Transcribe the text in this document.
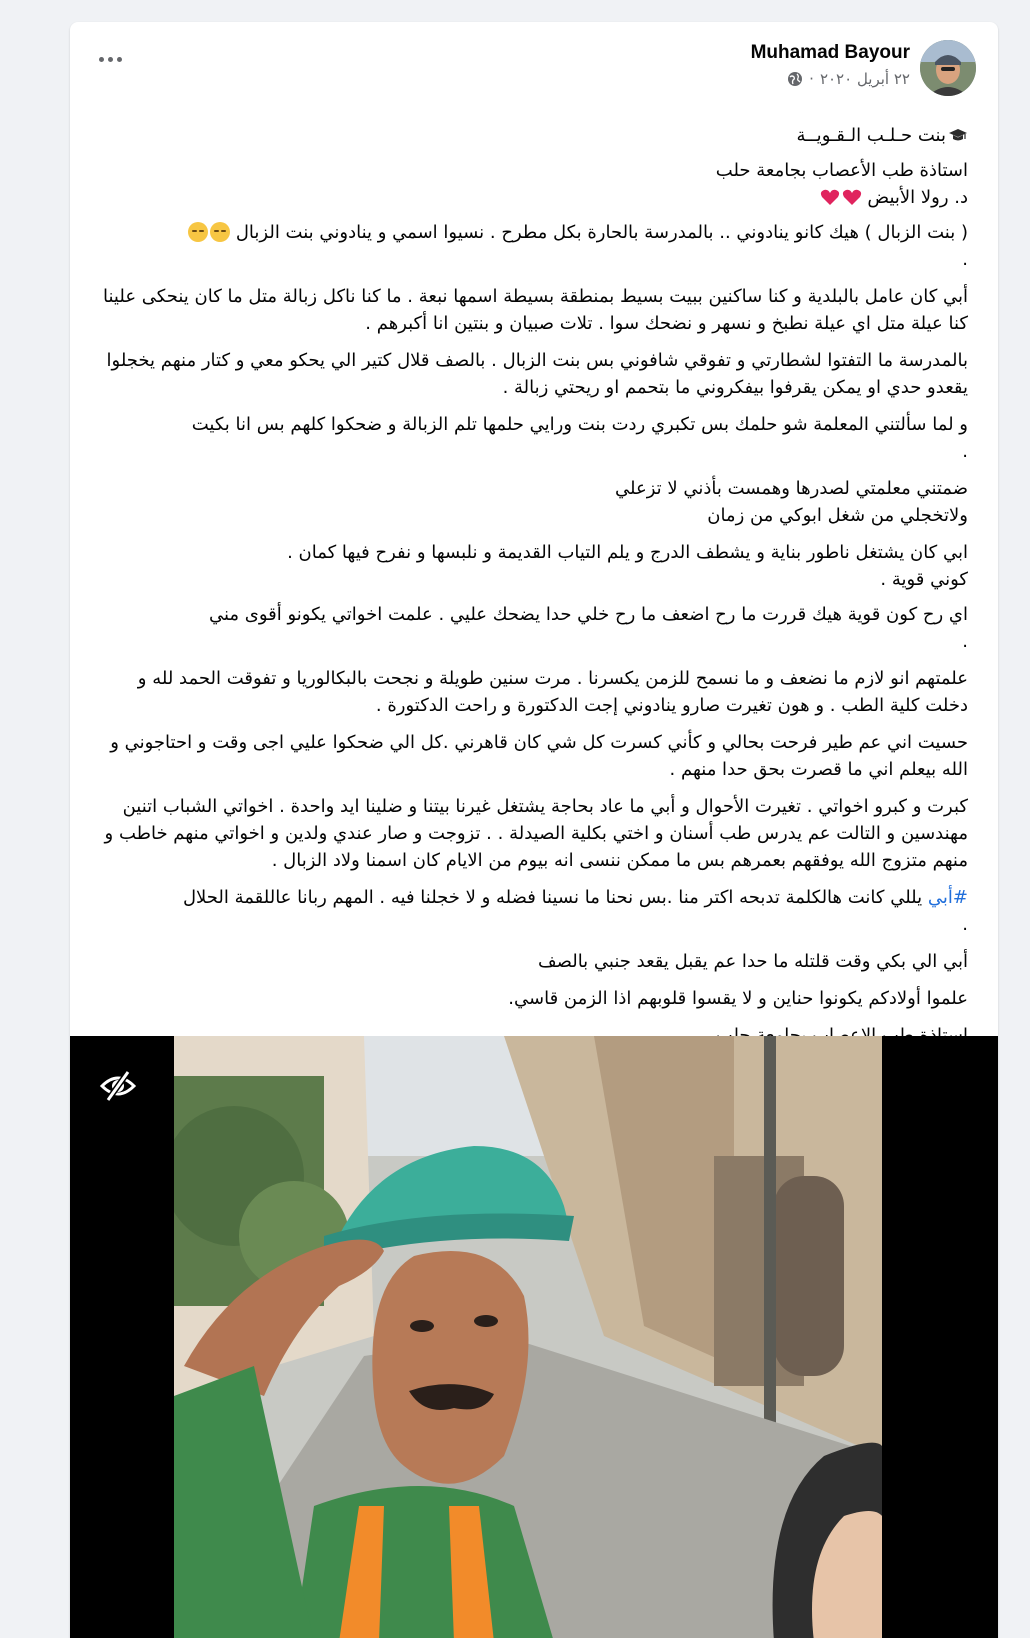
Muhamad Bayour
٢٢ أبريل ٢٠٢٠
·

بنت حـلـب الـقـويــة

استاذة طب الأعصاب بجامعة حلب
د. رولا الأبيض

( بنت الزبال ) هيك كانو ينادوني .. بالمدرسة بالحارة بكل مطرح . نسيوا اسمي و ينادوني بنت الزبال
.

أبي كان عامل بالبلدية و كنا ساكنين ببيت بسيط بمنطقة بسيطة اسمها نبعة . ما كنا ناكل زبالة متل ما كان ينحكى علينا كنا عيلة متل اي عيلة نطبخ و نسهر و نضحك سوا . تلات صبيان و بنتين انا أكبرهم .

بالمدرسة ما التفتوا لشطارتي و تفوقي شافوني بس بنت الزبال . بالصف قلال كتير الي يحكو معي و كتار منهم يخجلوا يقعدو حدي او يمكن يقرفوا بيفكروني ما بتحمم او ريحتي زبالة .

و لما سألتني المعلمة شو حلمك بس تكبري ردت بنت ورايي حلمها تلم الزبالة و ضحكوا كلهم بس انا بكيت
.

ضمتني معلمتي لصدرها وهمست بأذني لا تزعلي
ولاتخجلي من شغل ابوكي من زمان

ابي كان يشتغل ناطور بناية و يشطف الدرج و يلم التياب القديمة و نلبسها و نفرح فيها كمان .
كوني قوية .

اي رح كون قوية هيك قررت ما رح اضعف ما رح خلي حدا يضحك عليي . علمت اخواتي يكونو أقوى مني
.

علمتهم انو لازم ما نضعف و ما نسمح للزمن يكسرنا . مرت سنين طويلة و نجحت بالبكالوريا و تفوقت الحمد لله و دخلت كلية الطب . و هون تغيرت صارو ينادوني إجت الدكتورة و راحت الدكتورة .

حسيت اني عم طير فرحت بحالي و كأني كسرت كل شي كان قاهرني .كل الي ضحكوا عليي اجى وقت و احتاجوني و الله بيعلم اني ما قصرت بحق حدا منهم .

كبرت و كبرو اخواتي . تغيرت الأحوال و أبي ما عاد بحاجة يشتغل غيرنا بيتنا و ضلينا ايد واحدة . اخواتي الشباب اتنين مهندسين و التالت عم يدرس طب أسنان و اختي بكلية الصيدلة . . تزوجت و صار عندي ولدين و اخواتي منهم خاطب و منهم متزوج الله يوفقهم بعمرهم بس ما ممكن ننسى انه بيوم من الايام كان اسمنا ولاد الزبال .

#أبي يللي كانت هالكلمة تدبحه اكتر منا .بس نحنا ما نسينا فضله و لا خجلنا فيه . المهم ربانا عاللقمة الحلال
.

أبي الي بكي وقت قلتله ما حدا عم يقبل يقعد جنبي بالصف

علموا أولادكم يكونوا حناين و لا يقسوا قلوبهم اذا الزمن قاسي.
